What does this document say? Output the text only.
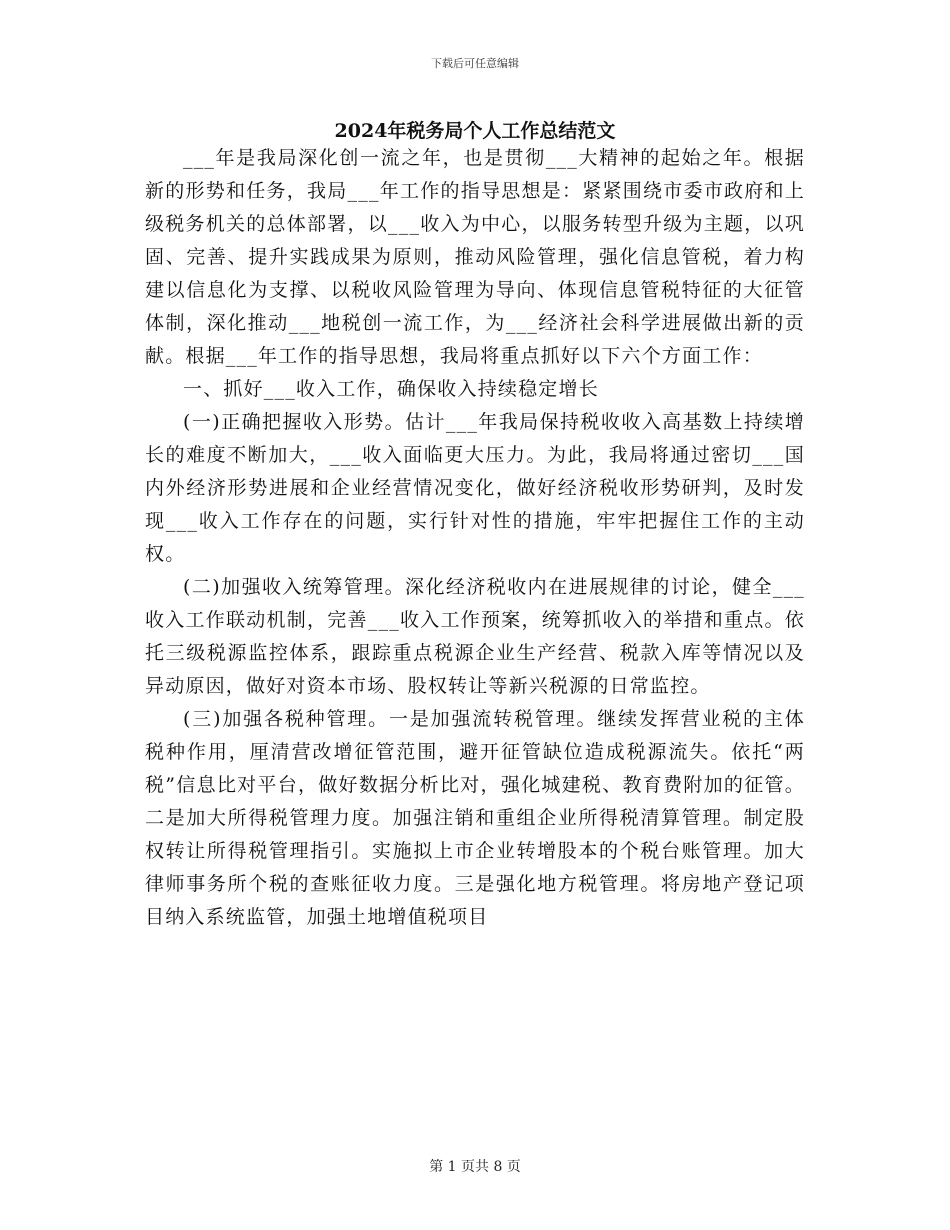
下载后可任意编辑
2024年税务局个人工作总结范文

___年是我局深化创一流之年，也是贯彻___大精神的起始之年。根据新的形势和任务，我局___年工作的指导思想是：紧紧围绕市委市政府和上级税务机关的总体部署，以___收入为中心，以服务转型升级为主题，以巩固、完善、提升实践成果为原则，推动风险管理，强化信息管税，着力构建以信息化为支撑、以税收风险管理为导向、体现信息管税特征的大征管体制，深化推动___地税创一流工作，为___经济社会科学进展做出新的贡献。根据___年工作的指导思想，我局将重点抓好以下六个方面工作：

一、抓好___收入工作，确保收入持续稳定增长

(一)正确把握收入形势。估计___年我局保持税收收入高基数上持续增长的难度不断加大，___收入面临更大压力。为此，我局将通过密切___国内外经济形势进展和企业经营情况变化，做好经济税收形势研判，及时发现___收入工作存在的问题，实行针对性的措施，牢牢把握住工作的主动权。

(二)加强收入统筹管理。深化经济税收内在进展规律的讨论，健全___收入工作联动机制，完善___收入工作预案，统筹抓收入的举措和重点。依托三级税源监控体系，跟踪重点税源企业生产经营、税款入库等情况以及异动原因，做好对资本市场、股权转让等新兴税源的日常监控。

(三)加强各税种管理。一是加强流转税管理。继续发挥营业税的主体税种作用，厘清营改增征管范围，避开征管缺位造成税源流失。依托“两税”信息比对平台，做好数据分析比对，强化城建税、教育费附加的征管。二是加大所得税管理力度。加强注销和重组企业所得税清算管理。制定股权转让所得税管理指引。实施拟上市企业转增股本的个税台账管理。加大律师事务所个税的查账征收力度。三是强化地方税管理。将房地产登记项目纳入系统监管，加强土地增值税项目

第 1 页共 8 页
